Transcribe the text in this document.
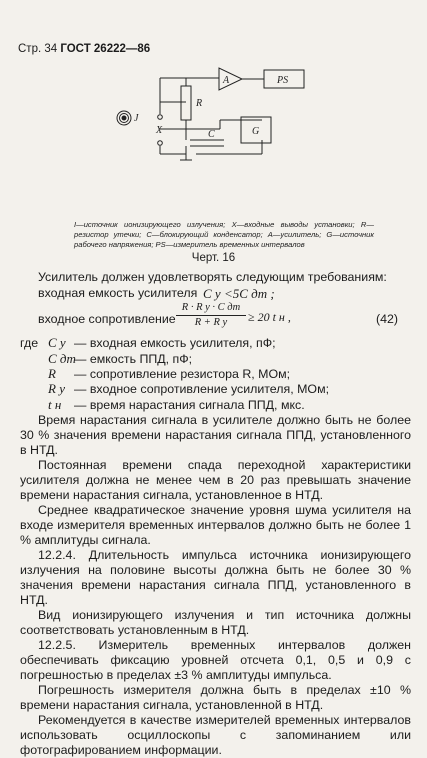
Стр. 34 ГОСТ 26222—86
J
X
R
C
A	PS
G
I—источник ионизирующего излучения; X—входные выводы установки; R—резистор утечки; C—блокирующий конденсатор; A—усилитель; G—источник рабочего напряжения; PS—измеритель временных интервалов
Черт. 16
Усилитель должен удовлетворять следующим требованиям:
входная емкость усилителя C y <5C дт ;
входное сопротивление
R · R y · C дт
R + R y	≥ 20 t н ,	(42)
где C y — входная емкость усилителя, пФ;
C дт
— емкость ППД, пФ;
R — сопротивление резистора R, МОм;
R y — входное сопротивление усилителя, МОм;
t н — время нарастания сигнала ППД, мкс.

Время нарастания сигнала в усилителе должно быть не более 30 % значения времени нарастания сигнала ППД, установленного в НТД.

Постоянная времени спада переходной характеристики усилителя должна не менее чем в 20 раз превышать значение времени нарастания сигнала, установленное в НТД.

Среднее квадратическое значение уровня шума усилителя на входе измерителя временных интервалов должно быть не более 1 % амплитуды сигнала.

12.2.4. Длительность импульса источника ионизирующего излучения на половине высоты должна быть не более 30 % значения времени нарастания сигнала ППД, установленного в НТД.

Вид ионизирующего излучения и тип источника должны соответствовать установленным в НТД.

12.2.5. Измеритель временных интервалов должен обеспечивать фиксацию уровней отсчета 0,1, 0,5 и 0,9 с погрешностью в пределах ±3 % амплитуды импульса.

Погрешность измерителя должна быть в пределах ±10 % времени нарастания сигнала, установленной в НТД.

Рекомендуется в качестве измерителей временных интервалов использовать осциллоскопы с запоминанием или фотографированием информации.
